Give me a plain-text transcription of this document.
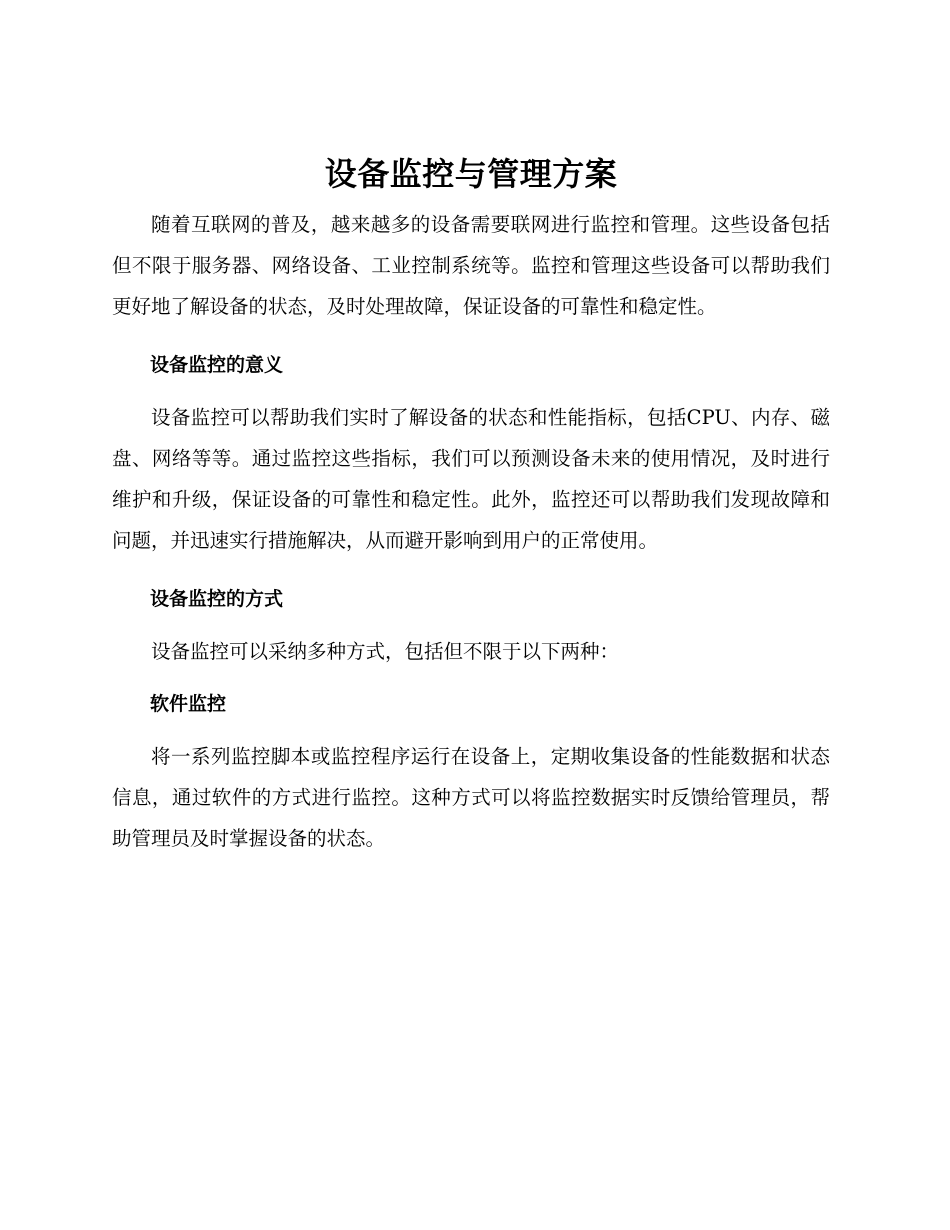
设备监控与管理方案

随着互联网的普及，越来越多的设备需要联网进行监控和管理。这些设备包括但不限于服务器、网络设备、工业控制系统等。监控和管理这些设备可以帮助我们更好地了解设备的状态，及时处理故障，保证设备的可靠性和稳定性。

设备监控的意义

设备监控可以帮助我们实时了解设备的状态和性能指标，包括CPU、内存、磁盘、网络等等。通过监控这些指标，我们可以预测设备未来的使用情况，及时进行维护和升级，保证设备的可靠性和稳定性。此外，监控还可以帮助我们发现故障和问题，并迅速实行措施解决，从而避开影响到用户的正常使用。

设备监控的方式

设备监控可以采纳多种方式，包括但不限于以下两种：

软件监控

将一系列监控脚本或监控程序运行在设备上，定期收集设备的性能数据和状态信息，通过软件的方式进行监控。这种方式可以将监控数据实时反馈给管理员，帮助管理员及时掌握设备的状态。
